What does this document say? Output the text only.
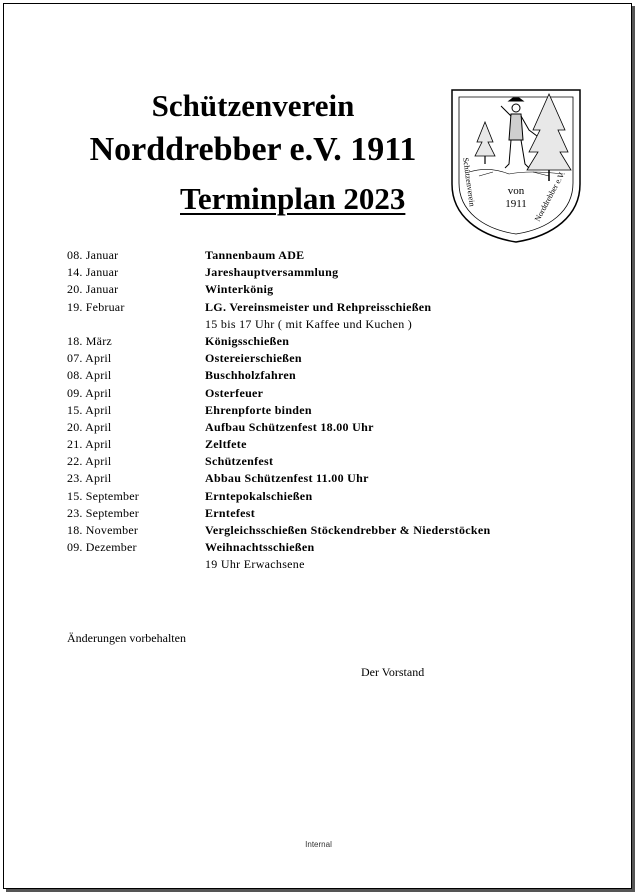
Schützenverein
Norddrebber e.V. 1911
Terminplan 2023	von
1911
Schützenverein	Norddrebber e.V.
08. Januar	Tannenbaum ADE
14. Januar	Jareshauptversammlung
20. Januar	Winterkönig
19. Februar	LG. Vereinsmeister und Rehpreisschießen
15 bis 17 Uhr ( mit Kaffee und Kuchen )
18. März	Königsschießen
07. April	Ostereierschießen
08. April	Buschholzfahren
09. April	Osterfeuer
15. April	Ehrenpforte binden
20. April	Aufbau Schützenfest 18.00 Uhr
21. April	Zeltfete
22. April	Schützenfest
23. April	Abbau Schützenfest 11.00 Uhr
15. September	Erntepokalschießen
23. September	Erntefest
18. November	Vergleichsschießen Stöckendrebber & Niederstöcken
09. Dezember	Weihnachtsschießen
19 Uhr Erwachsene
Änderungen vorbehalten
Der Vorstand
Internal
